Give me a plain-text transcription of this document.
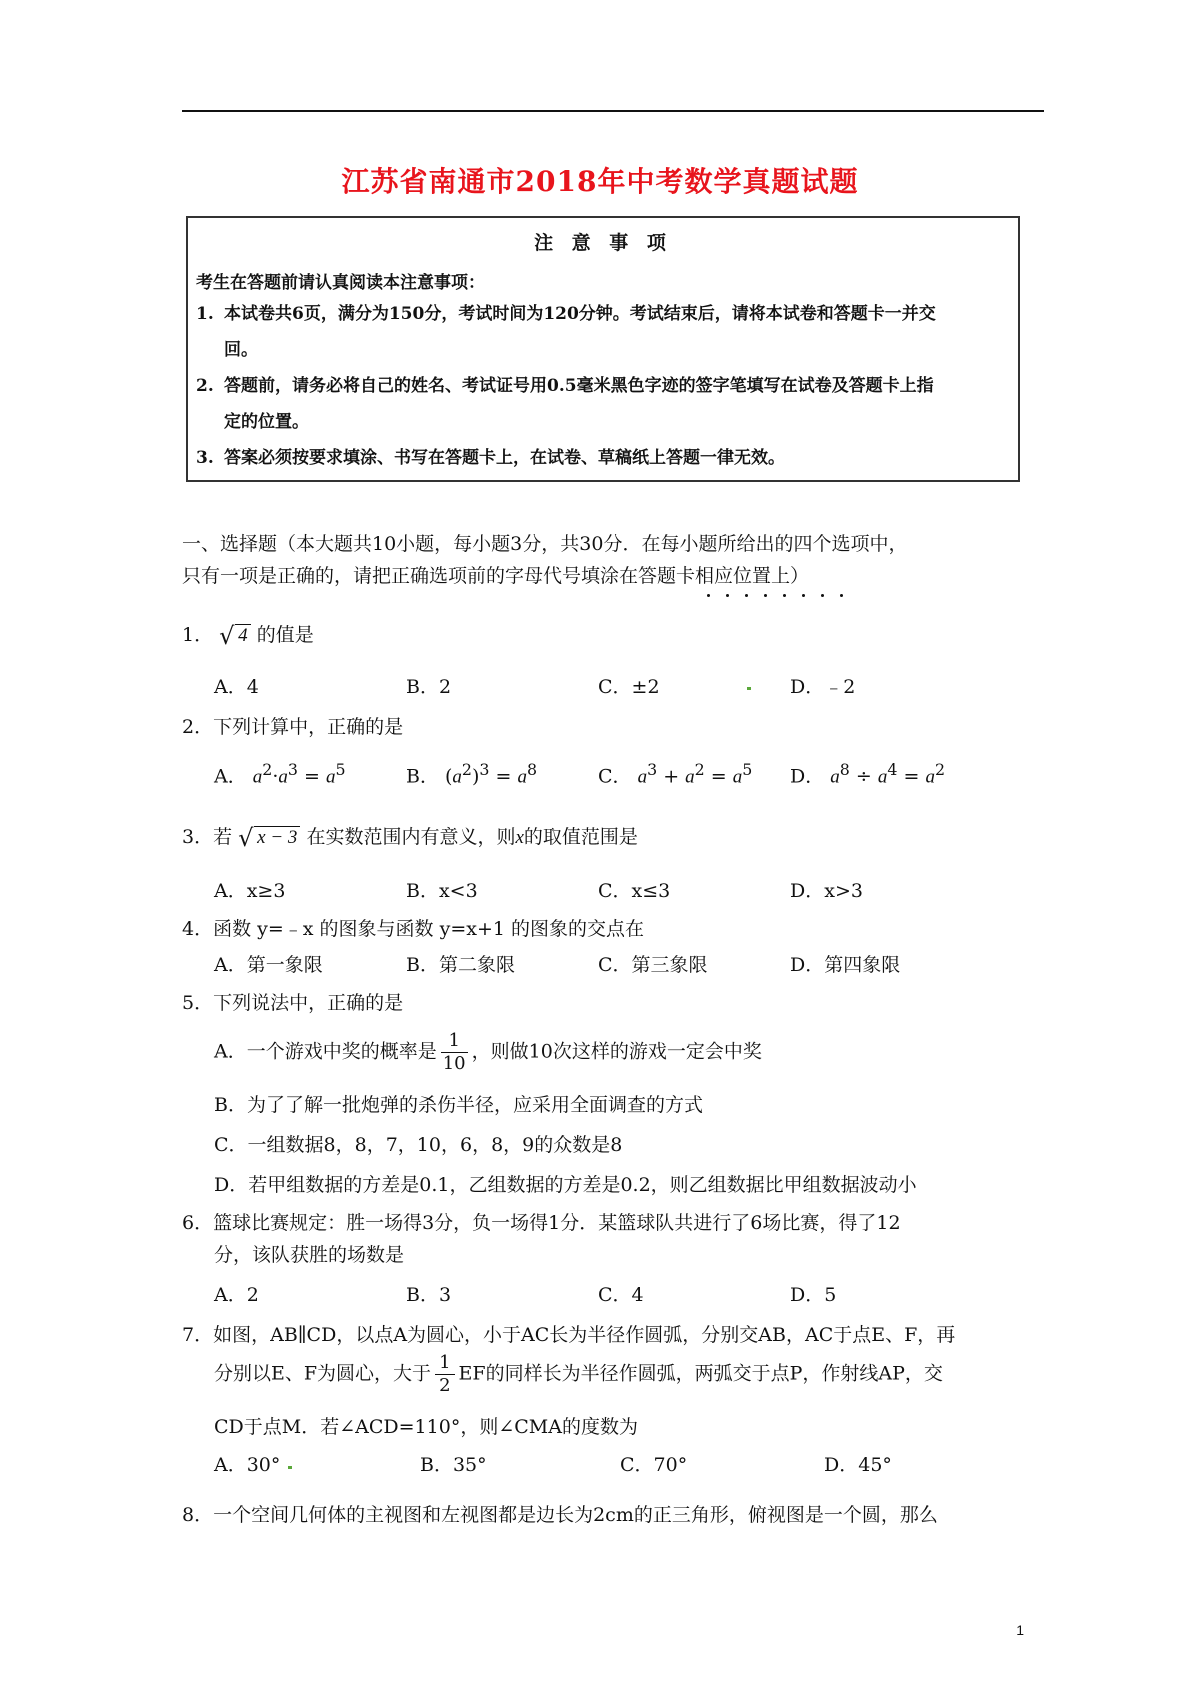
江苏省南通市2018年中考数学真题试题
注 意 事 项
考生在答题前请认真阅读本注意事项：
1. 本试卷共6页，满分为150分，考试时间为120分钟。考试结束后，请将本试卷和答题卡一并交
回。
2. 答题前，请务必将自己的姓名、考试证号用0.5毫米黑色字迹的签字笔填写在试卷及答题卡上指
定的位置。
3. 答案必须按要求填涂、书写在答题卡上，在试卷、草稿纸上答题一律无效。
一、选择题（本大题共10小题，每小题3分，共30分．在每小题所给出的四个选项中，
只有一项是正确的，请把正确选项前的字母代号填涂在答题卡相应位置上）
1． √ 4 的值是
A．4	B．2	C．±2	D．﹣2
2．下列计算中，正确的是
A． $a^2\cdot a^3 = a^5$	B． $(a^2)^3 = a^8$	C． $a^3 + a^2 = a^5$ D． $a^8 \div a^4 = a^2$
3．若 √ x − 3 在实数范围内有意义，则x的取值范围是
A．x≥3	B．x<3	C．x≤3	D．x>3
4．函数 y=﹣x 的图象与函数 y=x+1 的图象的交点在
A．第一象限	B．第二象限	C．第三象限	D．第四象限
5．下列说法中，正确的是
A．一个游戏中奖的概率是 $\frac{1}{10}$ ，则做10次这样的游戏一定会中奖
B．为了了解一批炮弹的杀伤半径，应采用全面调查的方式
C．一组数据8，8，7，10，6，8，9的众数是8
D．若甲组数据的方差是0.1，乙组数据的方差是0.2，则乙组数据比甲组数据波动小
6．篮球比赛规定：胜一场得3分，负一场得1分．某篮球队共进行了6场比赛，得了12
分，该队获胜的场数是
A．2	B．3	C．4	D．5
7．如图，AB∥CD，以点A为圆心，小于AC长为半径作圆弧，分别交AB，AC于点E、F，再
分别以E、F为圆心，大于 $\frac{1}{2}$ EF的同样长为半径作圆弧，两弧交于点P，作射线AP，交
CD于点M．若∠ACD=110°，则∠CMA的度数为
A．30°	B．35°	C．70°	D．45°
8．一个空间几何体的主视图和左视图都是边长为2cm的正三角形，俯视图是一个圆，那么
1
